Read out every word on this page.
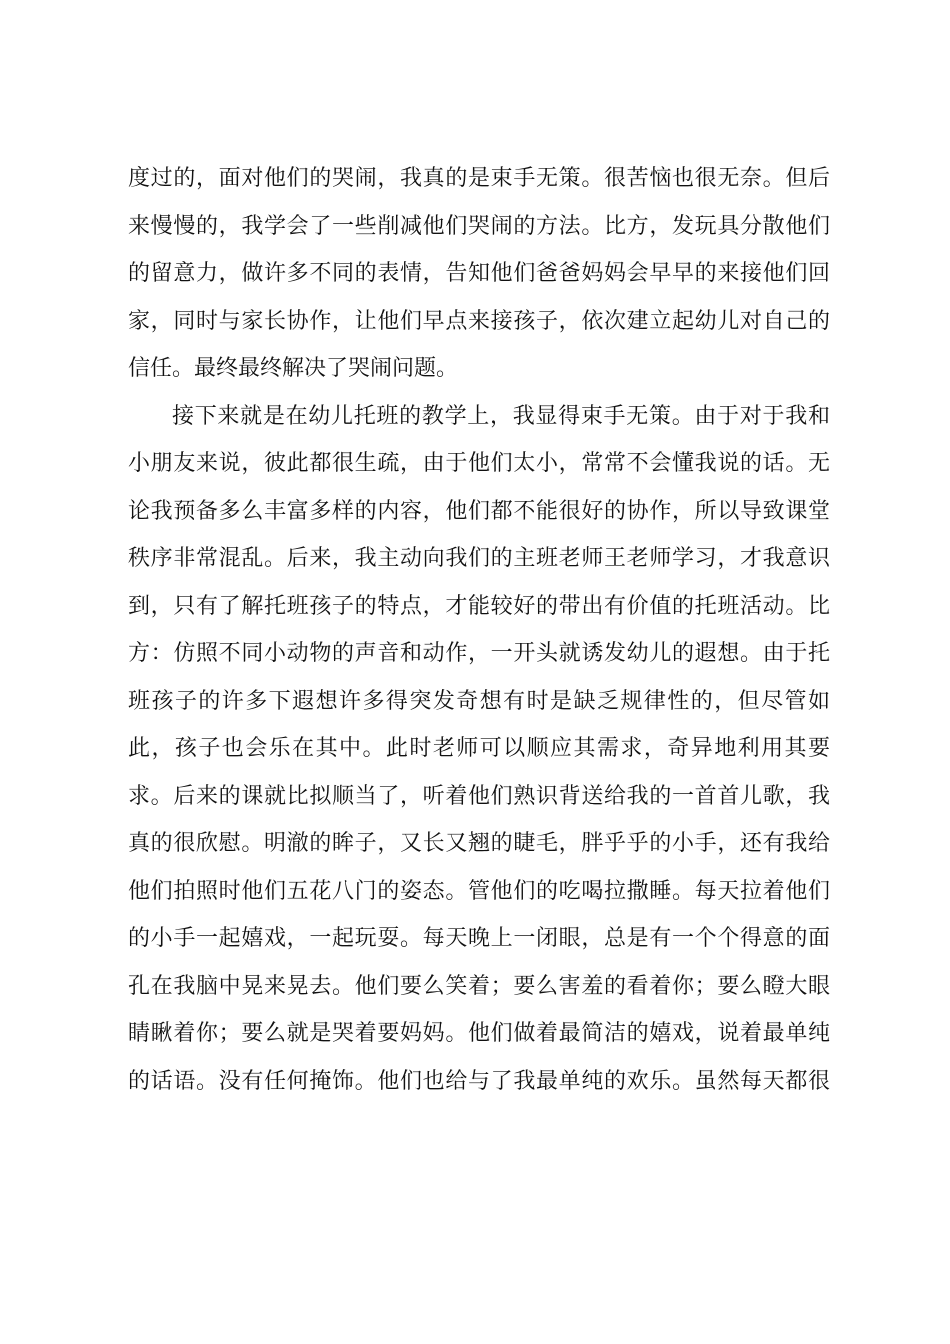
度过的，面对他们的哭闹，我真的是束手无策。很苦恼也很无奈。但后
来慢慢的，我学会了一些削减他们哭闹的方法。比方，发玩具分散他们
的留意力，做许多不同的表情，告知他们爸爸妈妈会早早的来接他们回
家，同时与家长协作，让他们早点来接孩子，依次建立起幼儿对自己的
信任。最终最终解决了哭闹问题。
接下来就是在幼儿托班的教学上，我显得束手无策。由于对于我和
小朋友来说，彼此都很生疏，由于他们太小，常常不会懂我说的话。无
论我预备多么丰富多样的内容，他们都不能很好的协作，所以导致课堂
秩序非常混乱。后来，我主动向我们的主班老师王老师学习，才我意识
到，只有了解托班孩子的特点，才能较好的带出有价值的托班活动。比
方：仿照不同小动物的声音和动作，一开头就诱发幼儿的遐想。由于托
班孩子的许多下遐想许多得突发奇想有时是缺乏规律性的，但尽管如
此，孩子也会乐在其中。此时老师可以顺应其需求，奇异地利用其要
求。后来的课就比拟顺当了，听着他们熟识背送给我的一首首儿歌，我
真的很欣慰。明澈的眸子，又长又翘的睫毛，胖乎乎的小手，还有我给
他们拍照时他们五花八门的姿态。管他们的吃喝拉撒睡。每天拉着他们
的小手一起嬉戏，一起玩耍。每天晚上一闭眼，总是有一个个得意的面
孔在我脑中晃来晃去。他们要么笑着；要么害羞的看着你；要么瞪大眼
睛瞅着你；要么就是哭着要妈妈。他们做着最简洁的嬉戏，说着最单纯
的话语。没有任何掩饰。他们也给与了我最单纯的欢乐。虽然每天都很
